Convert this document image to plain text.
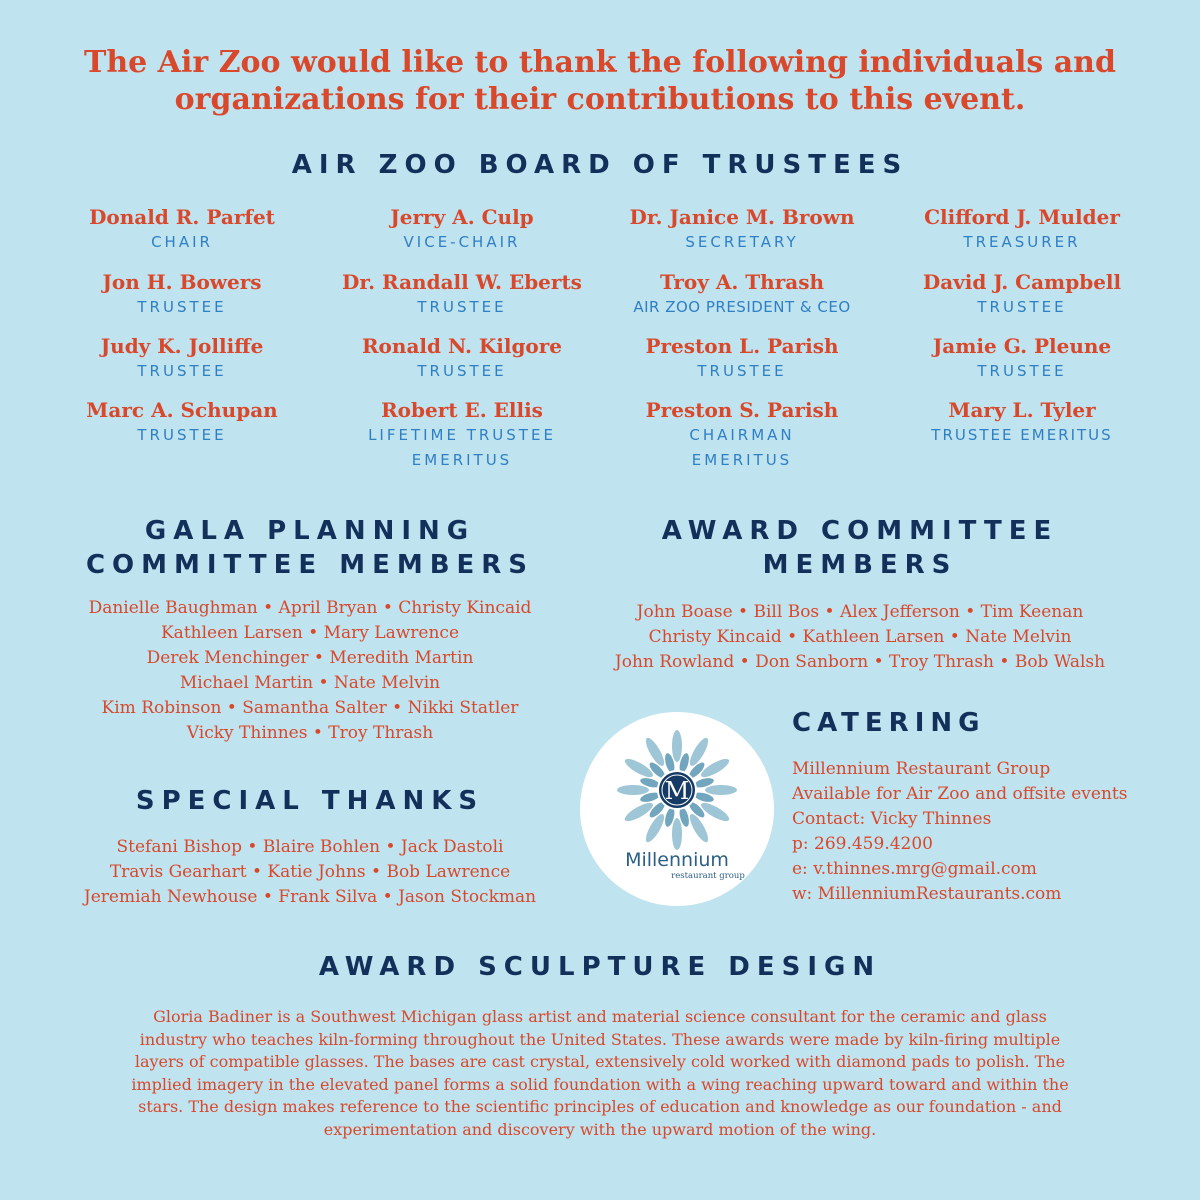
The Air Zoo would like to thank the following individuals and
organizations for their contributions to this event.
AIR ZOO BOARD OF TRUSTEES
Donald R. Parfet
CHAIR
Jon H. Bowers
TRUSTEE
Judy K. Jolliffe
TRUSTEE
Marc A. Schupan
TRUSTEE
Jerry A. Culp
VICE-CHAIR
Dr. Randall W. Eberts
TRUSTEE
Ronald N. Kilgore
TRUSTEE
Robert E. Ellis
LIFETIME TRUSTEE
EMERITUS
Dr. Janice M. Brown
SECRETARY
Troy A. Thrash
AIR ZOO PRESIDENT & CEO
Preston L. Parish
TRUSTEE
Preston S. Parish
CHAIRMAN
EMERITUS
Clifford J. Mulder
TREASURER
David J. Campbell
TRUSTEE
Jamie G. Pleune
TRUSTEE
Mary L. Tyler
TRUSTEE EMERITUS
GALA PLANNING
COMMITTEE MEMBERS
Danielle Baughman • April Bryan • Christy Kincaid
Kathleen Larsen • Mary Lawrence
Derek Menchinger • Meredith Martin
Michael Martin • Nate Melvin
Kim Robinson • Samantha Salter • Nikki Statler
Vicky Thinnes • Troy Thrash
AWARD COMMITTEE
MEMBERS
John Boase • Bill Bos • Alex Jefferson • Tim Keenan
Christy Kincaid • Kathleen Larsen • Nate Melvin
John Rowland • Don Sanborn • Troy Thrash • Bob Walsh
SPECIAL THANKS
Stefani Bishop • Blaire Bohlen • Jack Dastoli
Travis Gearhart • Katie Johns • Bob Lawrence
Jeremiah Newhouse • Frank Silva • Jason Stockman
M
Millennium
restaurant group
CATERING
Millennium Restaurant Group
Available for Air Zoo and offsite events
Contact: Vicky Thinnes
p: 269.459.4200
e: v.thinnes.mrg@gmail.com
w: MillenniumRestaurants.com
AWARD SCULPTURE DESIGN
Gloria Badiner is a Southwest Michigan glass artist and material science consultant for the ceramic and glass
industry who teaches kiln-forming throughout the United States. These awards were made by kiln-firing multiple
layers of compatible glasses. The bases are cast crystal, extensively cold worked with diamond pads to polish. The
implied imagery in the elevated panel forms a solid foundation with a wing reaching upward toward and within the
stars. The design makes reference to the scientific principles of education and knowledge as our foundation - and
experimentation and discovery with the upward motion of the wing.
